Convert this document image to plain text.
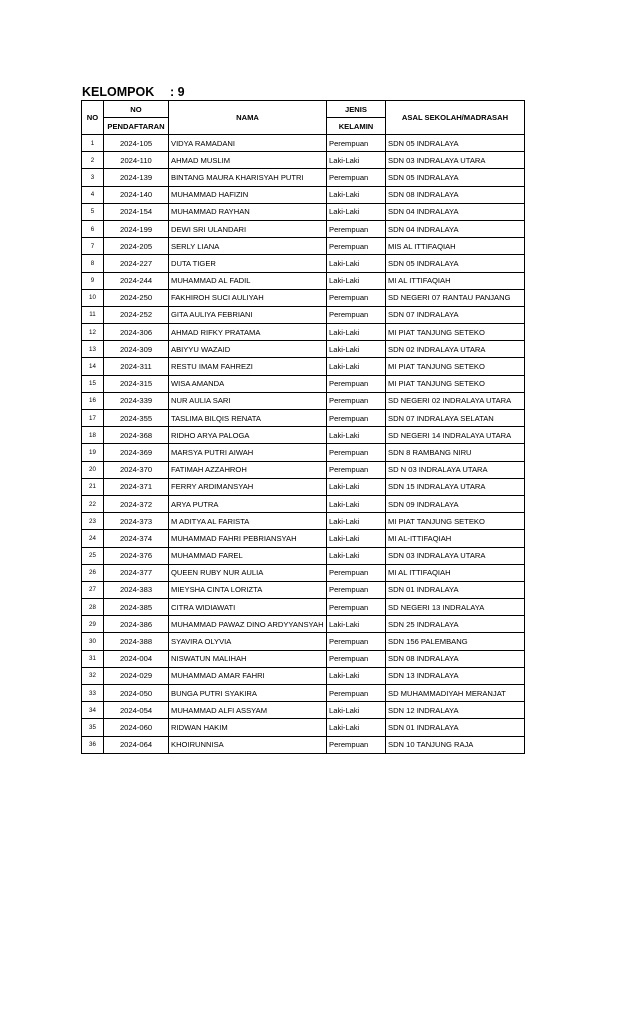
KELOMPOK : 9
NO	NO	NAMA	JENIS	ASAL SEKOLAH/MADRASAH
	PENDAFTARAN		KELAMIN	
1	2024-105	VIDYA RAMADANI	Perempuan	SDN 05 INDRALAYA
2	2024-110	AHMAD MUSLIM	Laki-Laki	SDN 03 INDRALAYA UTARA
3	2024-139	BINTANG MAURA KHARISYAH PUTRI	Perempuan	SDN 05 INDRALAYA
4	2024-140	MUHAMMAD HAFIZIN	Laki-Laki	SDN 08 INDRALAYA
5	2024-154	MUHAMMAD RAYHAN	Laki-Laki	SDN 04 INDRALAYA
6	2024-199	DEWI SRI ULANDARI	Perempuan	SDN 04 INDRALAYA
7	2024-205	SERLY LIANA	Perempuan	MIS AL ITTIFAQIAH
8	2024-227	DUTA TIGER	Laki-Laki	SDN 05 INDRALAYA
9	2024-244	MUHAMMAD AL FADIL	Laki-Laki	MI AL ITTIFAQIAH
10	2024-250	FAKHIROH SUCI AULIYAH	Perempuan	SD NEGERI 07 RANTAU PANJANG
11	2024-252	GITA AULIYA FEBRIANI	Perempuan	SDN 07 INDRALAYA
12	2024-306	AHMAD RIFKY PRATAMA	Laki-Laki	MI PIAT TANJUNG SETEKO
13	2024-309	ABIYYU WAZAID	Laki-Laki	SDN 02 INDRALAYA UTARA
14	2024-311	RESTU IMAM FAHREZI	Laki-Laki	MI PIAT TANJUNG SETEKO
15	2024-315	WISA AMANDA	Perempuan	MI PIAT TANJUNG SETEKO
16	2024-339	NUR AULIA SARI	Perempuan	SD NEGERI 02 INDRALAYA UTARA
17	2024-355	TASLIMA BILQIS RENATA	Perempuan	SDN 07 INDRALAYA SELATAN
18	2024-368	RIDHO ARYA PALOGA	Laki-Laki	SD NEGERI 14 INDRALAYA UTARA
19	2024-369	MARSYA PUTRI AIWAH	Perempuan	SDN 8 RAMBANG NIRU
20	2024-370	FATIMAH AZZAHROH	Perempuan	SD N 03 INDRALAYA UTARA
21	2024-371	FERRY ARDIMANSYAH	Laki-Laki	SDN 15 INDRALAYA UTARA
22	2024-372	ARYA PUTRA	Laki-Laki	SDN 09 INDRALAYA
23	2024-373	M ADITYA AL FARISTA	Laki-Laki	MI PIAT TANJUNG SETEKO
24	2024-374	MUHAMMAD FAHRI PEBRIANSYAH	Laki-Laki	MI AL-ITTIFAQIAH
25	2024-376	MUHAMMAD FAREL	Laki-Laki	SDN 03 INDRALAYA UTARA
26	2024-377	QUEEN RUBY NUR AULIA	Perempuan	MI AL ITTIFAQIAH
27	2024-383	MIEYSHA CINTA LORIZTA	Perempuan	SDN 01 INDRALAYA
28	2024-385	CITRA WIDIAWATI	Perempuan	SD NEGERI 13 INDRALAYA
29	2024-386	MUHAMMAD PAWAZ DINO ARDYYANSYAH	Laki-Laki	SDN 25 INDRALAYA
30	2024-388	SYAVIRA OLYVIA	Perempuan	SDN 156 PALEMBANG
31	2024-004	NISWATUN MALIHAH	Perempuan	SDN 08 INDRALAYA
32	2024-029	MUHAMMAD AMAR FAHRI	Laki-Laki	SDN 13 INDRALAYA
33	2024-050	BUNGA PUTRI SYAKIRA	Perempuan	SD MUHAMMADIYAH MERANJAT
34	2024-054	MUHAMMAD ALFI ASSYAM	Laki-Laki	SDN 12 INDRALAYA
35	2024-060	RIDWAN HAKIM	Laki-Laki	SDN 01 INDRALAYA
36	2024-064	KHOIRUNNISA	Perempuan	SDN 10 TANJUNG RAJA
